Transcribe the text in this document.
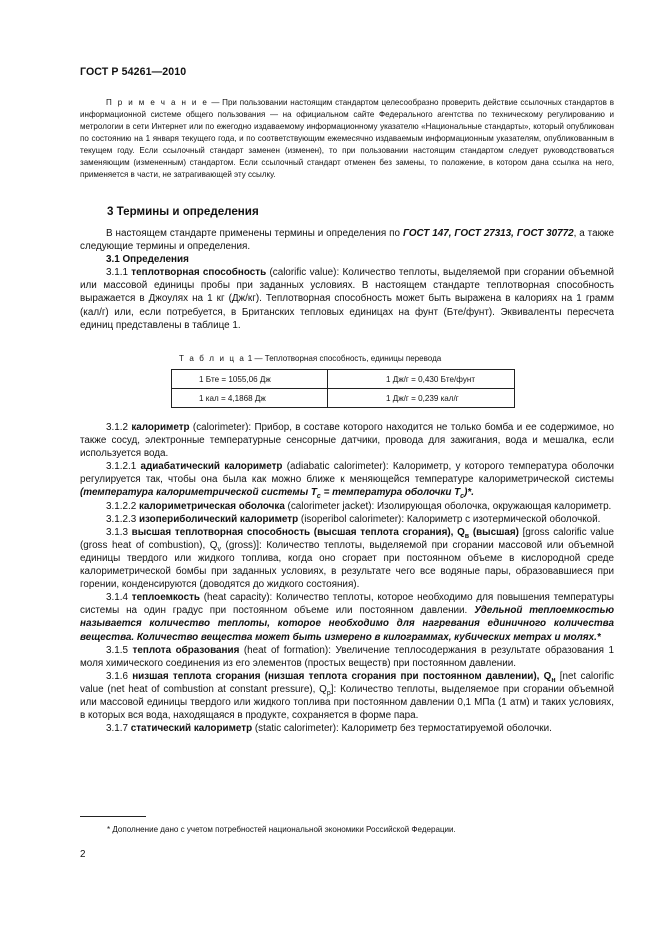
ГОСТ Р 54261—2010

П р и м е ч а н и е — При пользовании настоящим стандартом целесообразно проверить действие ссылочных стандартов в информационной системе общего пользования — на официальном сайте Федерального агентства по техническому регулированию и метрологии в сети Интернет или по ежегодно издаваемому информационному указателю «Национальные стандарты», который опубликован по состоянию на 1 января текущего года, и по соответствующим ежемесячно издаваемым информационным указателям, опубликованным в текущем году. Если ссылочный стандарт заменен (изменен), то при пользовании настоящим стандартом следует руководствоваться заменяющим (измененным) стандартом. Если ссылочный стандарт отменен без замены, то положение, в котором дана ссылка на него, применяется в части, не затрагивающей эту ссылку.

3 Термины и определения

В настоящем стандарте применены термины и определения по ГОСТ 147, ГОСТ 27313, ГОСТ 30772, а также следующие термины и определения.

3.1 Определения

3.1.1 теплотворная способность (calorific value): Количество теплоты, выделяемой при сгорании объемной или массовой единицы пробы при заданных условиях. В настоящем стандарте теплотворная способность выражается в Джоулях на 1 кг (Дж/кг). Теплотворная способность может быть выражена в калориях на 1 грамм (кал/г) или, если потребуется, в Британских тепловых единицах на фунт (Бте/фунт). Эквиваленты пересчета единиц представлены в таблице 1.

Т а б л и ц а 1 — Теплотворная способность, единицы перевода
1 Бте = 1055,06 Дж	1 Дж/г = 0,430 Бте/фунт
1 кал = 4,1868 Дж	1 Дж/г = 0,239 кал/г

3.1.2 калориметр (calorimeter): Прибор, в составе которого находится не только бомба и ее содержимое, но также сосуд, электронные температурные сенсорные датчики, провода для зажигания, вода и мешалка, если используется вода.

3.1.2.1 адиабатический калориметр (adiabatic calorimeter): Калориметр, у которого температура оболочки регулируется так, чтобы она была как можно ближе к меняющейся температуре калориметрической системы (температура калориметрической системы $T_с$ = температура оболочки $T_с)*$.

3.1.2.2 калориметрическая оболочка (calorimeter jacket): Изолирующая оболочка, окружающая калориметр.

3.1.2.3 изопериболический калориметр (isoperibol calorimeter): Калориметр с изотермической оболочкой.

3.1.3 высшая теплотворная способность (высшая теплота сгорания), $Q_в$ (высшая) [gross calorific value (gross heat of combustion), $Q_v$ (gross)]: Количество теплоты, выделяемой при сгорании массовой или объемной единицы твердого или жидкого топлива, когда оно сгорает при постоянном объеме в кислородной среде калориметрической бомбы при заданных условиях, в результате чего все водяные пары, образовавшиеся при горении, конденсируются (доводятся до жидкого состояния).

3.1.4 теплоемкость (heat capacity): Количество теплоты, которое необходимо для повышения температуры системы на один градус при постоянном объеме или постоянном давлении. Удельной теплоемкостью называется количество теплоты, которое необходимо для нагревания единичного количества вещества. Количество вещества может быть измерено в килограммах, кубических метрах и молях.*

3.1.5 теплота образования (heat of formation): Увеличение теплосодержания в результате образования 1 моля химического соединения из его элементов (простых веществ) при постоянном давлении.

3.1.6 низшая теплота сгорания (низшая теплота сгорания при постоянном давлении), $Q_н$ [net calorific value (net heat of combustion at constant pressure), $Q_p$]: Количество теплоты, выделяемое при сгорании объемной или массовой единицы твердого или жидкого топлива при постоянном давлении 0,1 МПа (1 атм) и таких условиях, в которых вся вода, находящаяся в продукте, сохраняется в форме пара.

3.1.7 статический калориметр (static calorimeter): Калориметр без термостатируемой оболочки.

* Дополнение дано с учетом потребностей национальной экономики Российской Федерации.
2
